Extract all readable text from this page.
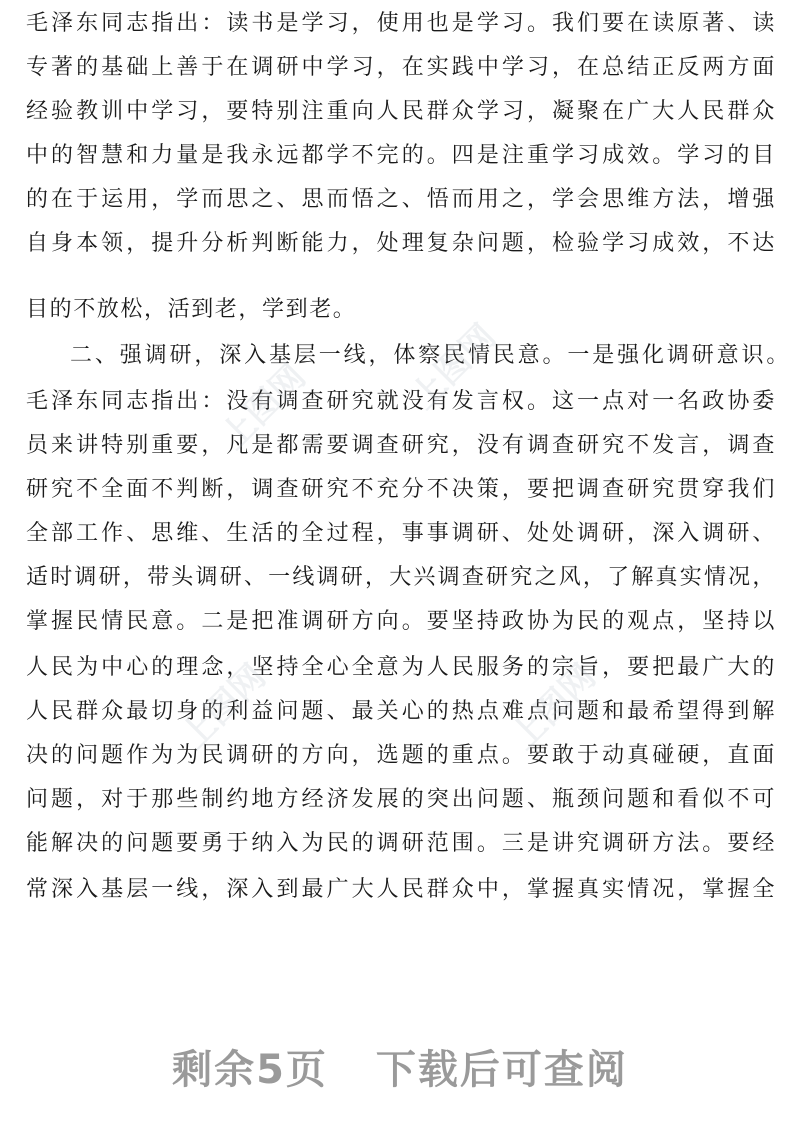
毛泽东同志指出：读书是学习，使用也是学习。我们要在读原著、读
专著的基础上善于在调研中学习，在实践中学习，在总结正反两方面
经验教训中学习，要特别注重向人民群众学习，凝聚在广大人民群众
中的智慧和力量是我永远都学不完的。四是注重学习成效。学习的目
的在于运用，学而思之、思而悟之、悟而用之，学会思维方法，增强
自身本领，提升分析判断能力，处理复杂问题，检验学习成效，不达
目的不放松，活到老，学到老。
二、强调研，深入基层一线，体察民情民意。一是强化调研意识。
毛泽东同志指出：没有调查研究就没有发言权。这一点对一名政协委
员来讲特别重要，凡是都需要调查研究，没有调查研究不发言，调查
研究不全面不判断，调查研究不充分不决策，要把调查研究贯穿我们
全部工作、思维、生活的全过程，事事调研、处处调研，深入调研、
适时调研，带头调研、一线调研，大兴调查研究之风，了解真实情况，
掌握民情民意。二是把准调研方向。要坚持政协为民的观点，坚持以
人民为中心的理念，坚持全心全意为人民服务的宗旨，要把最广大的
人民群众最切身的利益问题、最关心的热点难点问题和最希望得到解
决的问题作为为民调研的方向，选题的重点。要敢于动真碰硬，直面
问题，对于那些制约地方经济发展的突出问题、瓶颈问题和看似不可
能解决的问题要勇于纳入为民的调研范围。三是讲究调研方法。要经
常深入基层一线，深入到最广大人民群众中，掌握真实情况，掌握全
上图网	上图网
上图网	上图网
剩余5页 下载后可查阅
